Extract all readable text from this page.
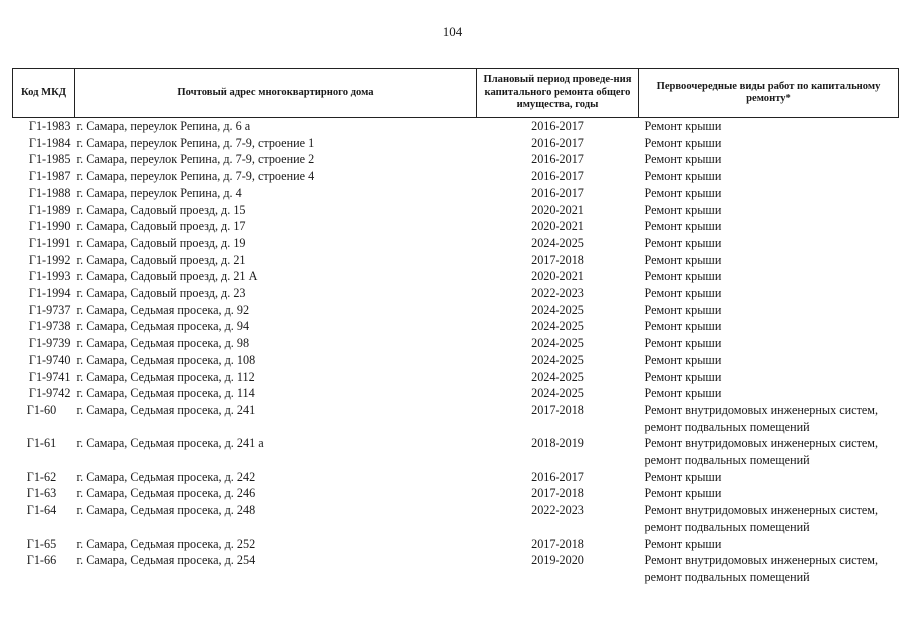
104
Код МКД	Почтовый адрес многоквартирного дома	Плановый период проведе-ния капитального ремонта общего имущества, годы	Первоочередные виды работ по капитальному ремонту*
Г1-1983	г. Самара, переулок Репина, д. 6 а	2016-2017	Ремонт крыши
Г1-1984	г. Самара, переулок Репина, д. 7-9, строение 1	2016-2017	Ремонт крыши
Г1-1985	г. Самара, переулок Репина, д. 7-9, строение 2	2016-2017	Ремонт крыши
Г1-1987	г. Самара, переулок Репина, д. 7-9, строение 4	2016-2017	Ремонт крыши
Г1-1988	г. Самара, переулок Репина, д. 4	2016-2017	Ремонт крыши
Г1-1989	г. Самара, Садовый проезд, д. 15	2020-2021	Ремонт крыши
Г1-1990	г. Самара, Садовый проезд, д. 17	2020-2021	Ремонт крыши
Г1-1991	г. Самара, Садовый проезд, д. 19	2024-2025	Ремонт крыши
Г1-1992	г. Самара, Садовый проезд, д. 21	2017-2018	Ремонт крыши
Г1-1993	г. Самара, Садовый проезд, д. 21 А	2020-2021	Ремонт крыши
Г1-1994	г. Самара, Садовый проезд, д. 23	2022-2023	Ремонт крыши
Г1-9737	г. Самара, Седьмая просека, д. 92	2024-2025	Ремонт крыши
Г1-9738	г. Самара, Седьмая просека, д. 94	2024-2025	Ремонт крыши
Г1-9739	г. Самара, Седьмая просека, д. 98	2024-2025	Ремонт крыши
Г1-9740	г. Самара, Седьмая просека, д. 108	2024-2025	Ремонт крыши
Г1-9741	г. Самара, Седьмая просека, д. 112	2024-2025	Ремонт крыши
Г1-9742	г. Самара, Седьмая просека, д. 114	2024-2025	Ремонт крыши
Г1-60	г. Самара, Седьмая просека, д. 241	2017-2018	Ремонт внутридомовых инженерных систем, ремонт подвальных помещений
Г1-61	г. Самара, Седьмая просека, д. 241 а	2018-2019	Ремонт внутридомовых инженерных систем, ремонт подвальных помещений
Г1-62	г. Самара, Седьмая просека, д. 242	2016-2017	Ремонт крыши
Г1-63	г. Самара, Седьмая просека, д. 246	2017-2018	Ремонт крыши
Г1-64	г. Самара, Седьмая просека, д. 248	2022-2023	Ремонт внутридомовых инженерных систем, ремонт подвальных помещений
Г1-65	г. Самара, Седьмая просека, д. 252	2017-2018	Ремонт крыши
Г1-66	г. Самара, Седьмая просека, д. 254	2019-2020	Ремонт внутридомовых инженерных систем, ремонт подвальных помещений
